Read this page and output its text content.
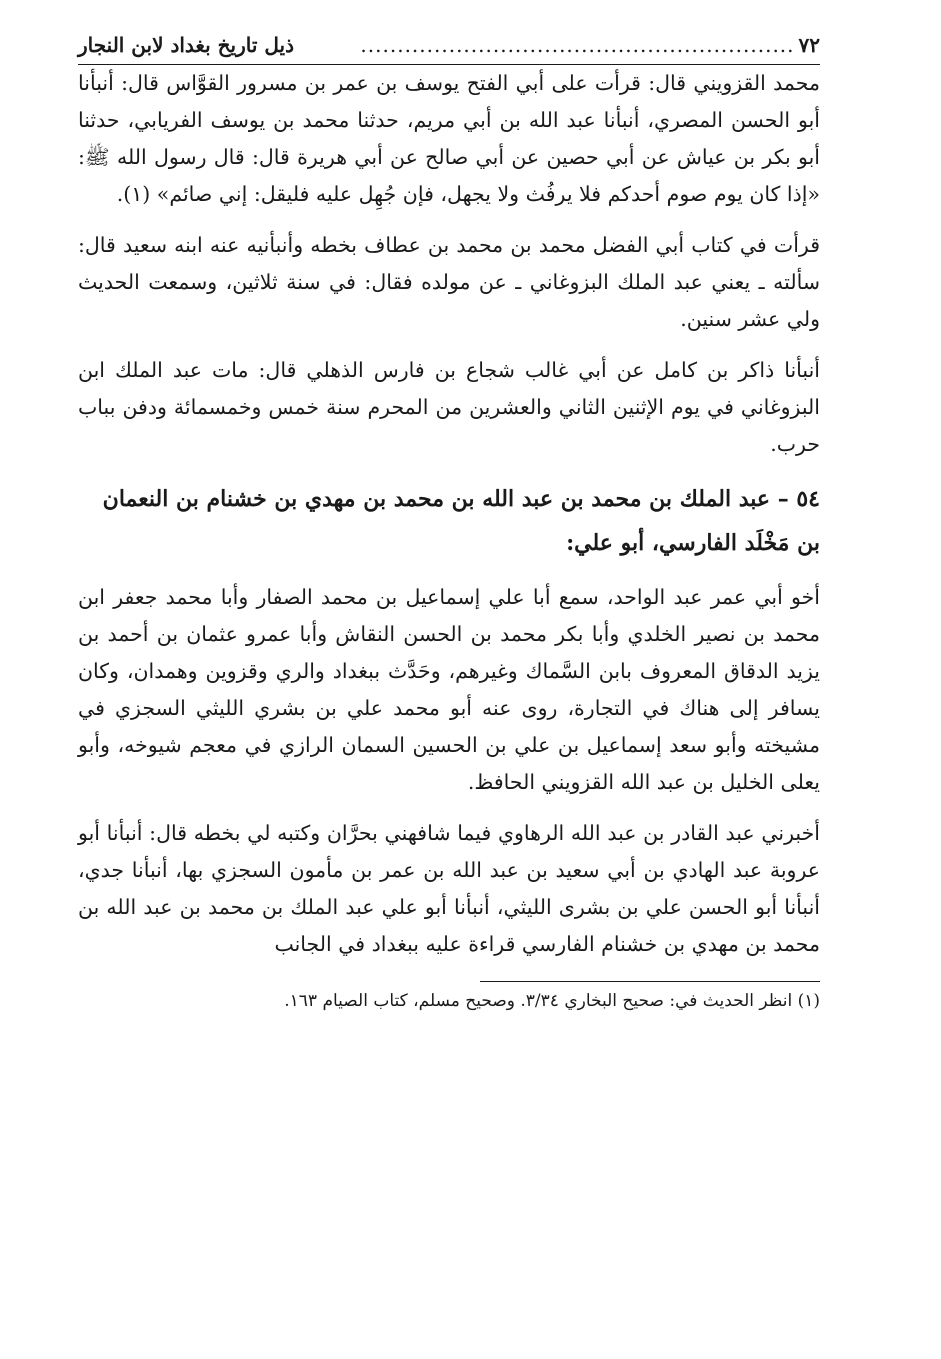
٧٢
...........................................................
ذيل تاريخ بغداد لابن النجار

محمد القزويني قال: قرأت على أبي الفتح يوسف بن عمر بن مسرور القوَّاس قال: أنبأنا أبو الحسن المصري، أنبأنا عبد الله بن أبي مريم، حدثنا محمد بن يوسف الفريابي، حدثنا أبو بكر بن عياش عن أبي حصين عن أبي صالح عن أبي هريرة قال: قال رسول الله ﷺ: «إذا كان يوم صوم أحدكم فلا يرفُث ولا يجهل، فإن جُهِل عليه فليقل: إني صائم» (١).

قرأت في كتاب أبي الفضل محمد بن محمد بن عطاف بخطه وأنبأنيه عنه ابنه سعيد قال: سألته ـ يعني عبد الملك البزوغاني ـ عن مولده فقال: في سنة ثلاثين، وسمعت الحديث ولي عشر سنين.

أنبأنا ذاكر بن كامل عن أبي غالب شجاع بن فارس الذهلي قال: مات عبد الملك ابن البزوغاني في يوم الإثنين الثاني والعشرين من المحرم سنة خمس وخمسمائة ودفن بباب حرب.

٥٤ – عبد الملك بن محمد بن عبد الله بن محمد بن مهدي بن خشنام بن النعمان بن مَخْلَد الفارسي، أبو علي:

أخو أبي عمر عبد الواحد، سمع أبا علي إسماعيل بن محمد الصفار وأبا محمد جعفر ابن محمد بن نصير الخلدي وأبا بكر محمد بن الحسن النقاش وأبا عمرو عثمان بن أحمد بن يزيد الدقاق المعروف بابن السَّماك وغيرهم، وحَدَّث ببغداد والري وقزوين وهمدان، وكان يسافر إلى هناك في التجارة، روى عنه أبو محمد علي بن بشري الليثي السجزي في مشيخته وأبو سعد إسماعيل بن علي بن الحسين السمان الرازي في معجم شيوخه، وأبو يعلى الخليل بن عبد الله القزويني الحافظ.

أخبرني عبد القادر بن عبد الله الرهاوي فيما شافهني بحرَّان وكتبه لي بخطه قال: أنبأنا أبو عروبة عبد الهادي بن أبي سعيد بن عبد الله بن عمر بن مأمون السجزي بها، أنبأنا جدي، أنبأنا أبو الحسن علي بن بشرى الليثي، أنبأنا أبو علي عبد الملك بن محمد بن عبد الله بن محمد بن مهدي بن خشنام الفارسي قراءة عليه ببغداد في الجانب

(١) انظر الحديث في: صحيح البخاري ٣/٣٤. وصحيح مسلم، كتاب الصيام ١٦٣.
